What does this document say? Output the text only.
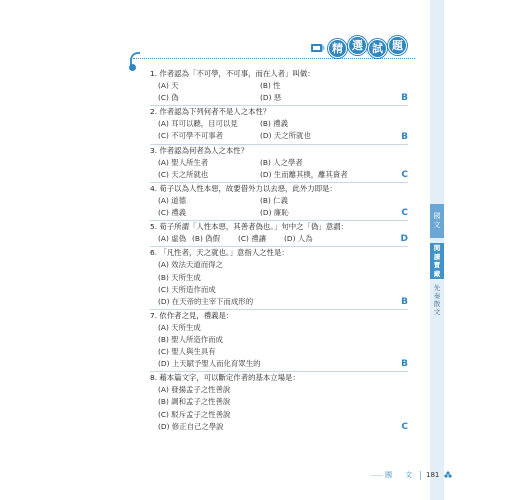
精 選 試 題
1. 作者認為「不可學，不可事，而在人者」叫做：
(A) 天	(B) 性
(C) 偽	(D) 惡	B
2. 作者認為下列何者不是人之本性？
(A) 耳可以聽，目可以見	(B) 禮義
(C) 不可學不可事者	(D) 天之所就也	B
3. 作者認為何者為人之本性？
(A) 聖人所生者	(B) 人之學者
(C) 天之所就也	(D) 生而離其樸，離其資者	C
4. 荀子以為人性本惡，故要借外力以去惡，此外力即是：
(A) 道德	(B) 仁義
(C) 禮義	(D) 廉恥	C
5. 荀子所謂「人性本惡，其善者偽也。」句中之「偽」意謂：
(A) 虛偽 (B) 偽假	(C) 禮讓	(D) 人為	D
6. 「凡性者，天之就也。」意指人之性是：
(A) 效法天道而得之
(B) 天所生成
(C) 天所造作而成
(D) 在天帝的主宰下而成形的	B
7. 依作者之見，禮義是：
(A) 天所生成
(B) 聖人所造作而成
(C) 聖人與生具有
(D) 上天賦予聖人而化育眾生的	B
8. 藉本篇文字，可以斷定作者的基本立場是：
(A) 發揚孟子之性善說
(B) 調和孟子之性善說
(C) 駁斥孟子之性善說
(D) 修正自己之學說	C
國
文
閱
讀
寶
藏
先
秦
散
文
—— 國　文 181
